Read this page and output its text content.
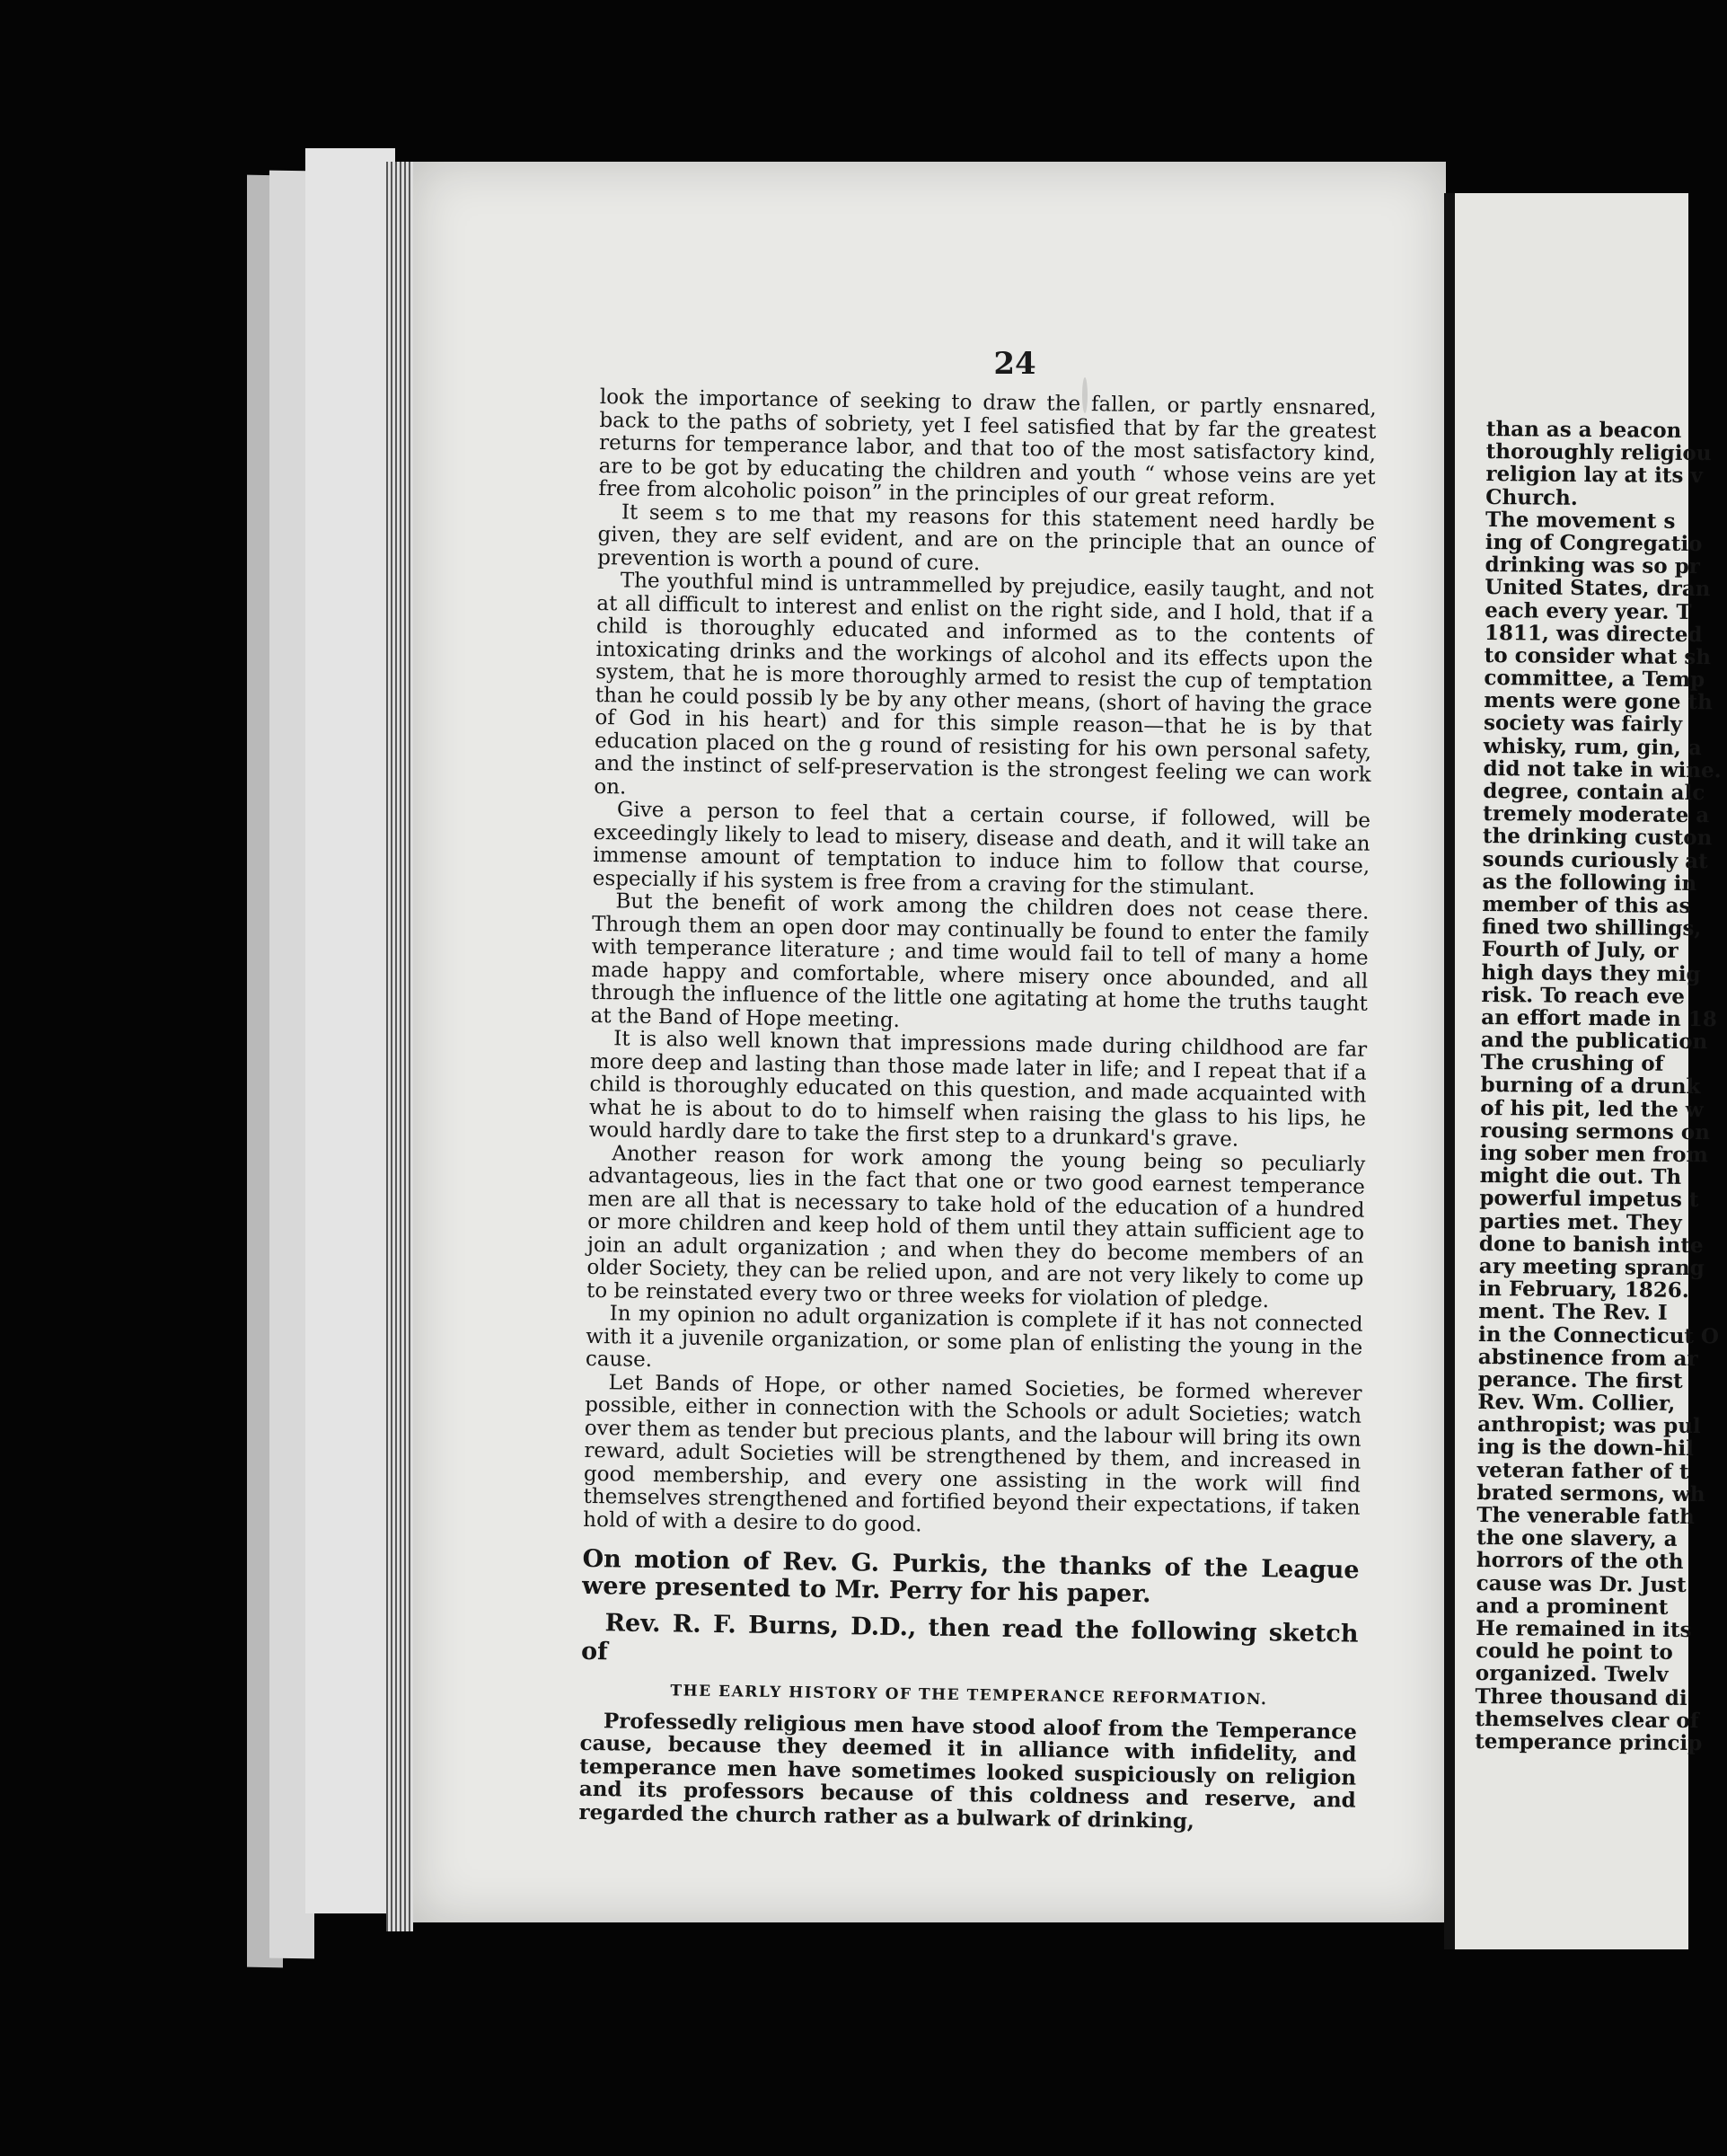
24

look the importance of seeking to draw the fallen, or partly ensnared, back to the paths of sobriety, yet I feel satisfied that by far the greatest returns for temperance labor, and that too of the most satisfactory kind, are to be got by educating the children and youth “ whose veins are yet free from alcoholic poison” in the principles of our great reform.

It seem s to me that my reasons for this statement need hardly be given, they are self evident, and are on the principle that an ounce of prevention is worth a pound of cure.

The youthful mind is untrammelled by prejudice, easily taught, and not at all difficult to interest and enlist on the right side, and I hold, that if a child is thoroughly educated and informed as to the contents of intoxicating drinks and the workings of alcohol and its effects upon the system, that he is more thoroughly armed to resist the cup of temptation than he could possib ly be by any other means, (short of having the grace of God in his heart) and for this simple reason—that he is by that education placed on the g round of resisting for his own personal safety, and the instinct of self-preservation is the strongest feeling we can work on.

Give a person to feel that a certain course, if followed, will be exceedingly likely to lead to misery, disease and death, and it will take an immense amount of temptation to induce him to follow that course, especially if his system is free from a craving for the stimulant.

But the benefit of work among the children does not cease there. Through them an open door may continually be found to enter the family with temperance literature ; and time would fail to tell of many a home made happy and comfortable, where misery once abounded, and all through the influence of the little one agitating at home the truths taught at the Band of Hope meeting.

It is also well known that impressions made during childhood are far more deep and lasting than those made later in life; and I repeat that if a child is thoroughly educated on this question, and made acquainted with what he is about to do to himself when raising the glass to his lips, he would hardly dare to take the first step to a drunkard's grave.

Another reason for work among the young being so peculiarly advantageous, lies in the fact that one or two good earnest temperance men are all that is necessary to take hold of the education of a hundred or more children and keep hold of them until they attain sufficient age to join an adult organization ; and when they do become members of an older Society, they can be relied upon, and are not very likely to come up to be reinstated every two or three weeks for violation of pledge.

In my opinion no adult organization is complete if it has not connected with it a juvenile organization, or some plan of enlisting the young in the cause.

Let Bands of Hope, or other named Societies, be formed wherever possible, either in connection with the Schools or adult Societies; watch over them as tender but precious plants, and the labour will bring its own reward, adult Societies will be strengthened by them, and increased in good membership, and every one assisting in the work will find themselves strengthened and fortified beyond their expectations, if taken hold of with a desire to do good.

On motion of Rev. G. Purkis, the thanks of the League were presented to Mr. Perry for his paper.

Rev. R. F. Burns, D.D., then read the following sketch of

THE EARLY HISTORY OF THE TEMPERANCE REFORMATION.

Professedly religious men have stood aloof from the Temperance cause, because they deemed it in alliance with infidelity, and temperance men have sometimes looked suspiciously on religion and its professors because of this coldness and reserve, and regarded the church rather as a bulwark of drinking,

than as a beacon
thoroughly religiou
religion lay at its v
Church.
The movement s
ing of Congregatio
drinking was so pr
United States, dran
each every year. T
1811, was directed
to consider what sh
committee, a Temp
ments were gone th
society was fairly
whisky, rum, gin, a
did not take in wine.
degree, contain alc
tremely moderate a
the drinking custon
sounds curiously at
as the following in
member of this as
fined two shillings,
Fourth of July, or
high days they mig
risk. To reach eve
an effort made in 18
and the publication
The crushing of
burning of a drunk
of his pit, led the w
rousing sermons on
ing sober men from
might die out. Th
powerful impetus t
parties met. They
done to banish inte
ary meeting sprang
in February, 1826.
ment. The Rev. I
in the Connecticut O
abstinence from ar
perance. The first
Rev. Wm. Collier,
anthropist; was pul
ing is the down-hil
veteran father of t
brated sermons, wh
The venerable fath
the one slavery, a
horrors of the oth
cause was Dr. Just
and a prominent
He remained in its
could he point to
organized. Twelv
Three thousand di
themselves clear of
temperance princip
